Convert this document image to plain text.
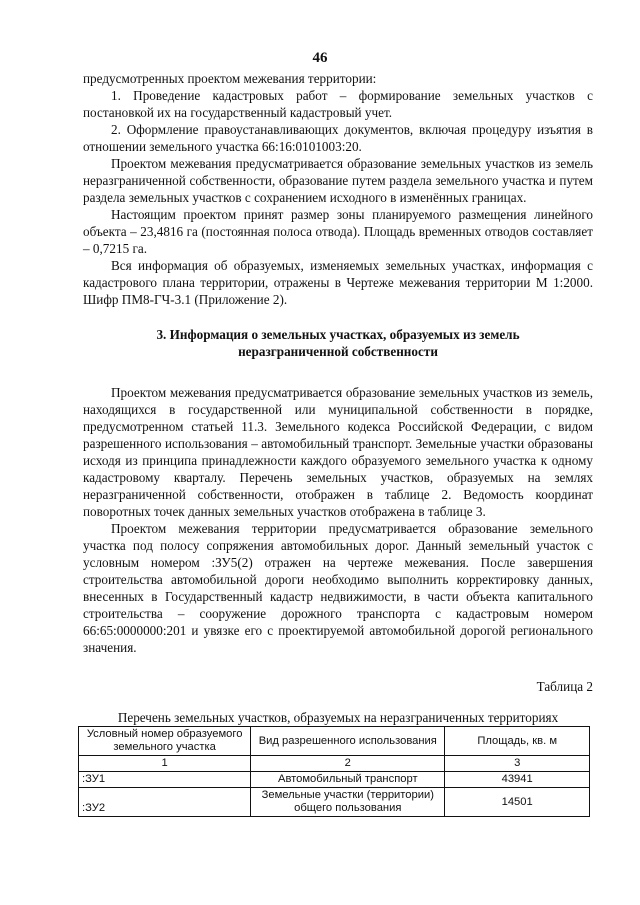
46

предусмотренных проектом межевания территории:

1. Проведение кадастровых работ – формирование земельных участков с постановкой их на государственный кадастровый учет.

2. Оформление правоустанавливающих документов, включая процедуру изъятия в отношении земельного участка 66:16:0101003:20.

Проектом межевания предусматривается образование земельных участков из земель неразграниченной собственности, образование путем раздела земельного участка и путем раздела земельных участков с сохранением исходного в изменённых границах.

Настоящим проектом принят размер зоны планируемого размещения линейного объекта – 23,4816 га (постоянная полоса отвода). Площадь временных отводов составляет – 0,7215 га.

Вся информация об образуемых, изменяемых земельных участках, информация с кадастрового плана территории, отражены в Чертеже межевания территории М 1:2000. Шифр ПМ8-ГЧ-3.1 (Приложение 2).

3. Информация о земельных участках, образуемых из земель неразграниченной собственности

Проектом межевания предусматривается образование земельных участков из земель, находящихся в государственной или муниципальной собственности в порядке, предусмотренном статьей 11.3. Земельного кодекса Российской Федерации, с видом разрешенного использования – автомобильный транспорт. Земельные участки образованы исходя из принципа принадлежности каждого образуемого земельного участка к одному кадастровому кварталу. Перечень земельных участков, образуемых на землях неразграниченной собственности, отображен в таблице 2. Ведомость координат поворотных точек данных земельных участков отображена в таблице 3.

Проектом межевания территории предусматривается образование земельного участка под полосу сопряжения автомобильных дорог. Данный земельный участок с условным номером :ЗУ5(2) отражен на чертеже межевания. После завершения строительства автомобильной дороги необходимо выполнить корректировку данных, внесенных в Государственный кадастр недвижимости, в части объекта капитального строительства – сооружение дорожного транспорта с кадастровым номером 66:65:0000000:201 и увязке его с проектируемой автомобильной дорогой регионального значения.

Таблица 2

Перечень земельных участков, образуемых на неразграниченных территориях

Условный номер образуемого земельного участка	Вид разрешенного использования	Площадь, кв. м
1	2	3
:ЗУ1	Автомобильный транспорт	43941
:ЗУ2	Земельные участки (территории) общего пользования	14501
